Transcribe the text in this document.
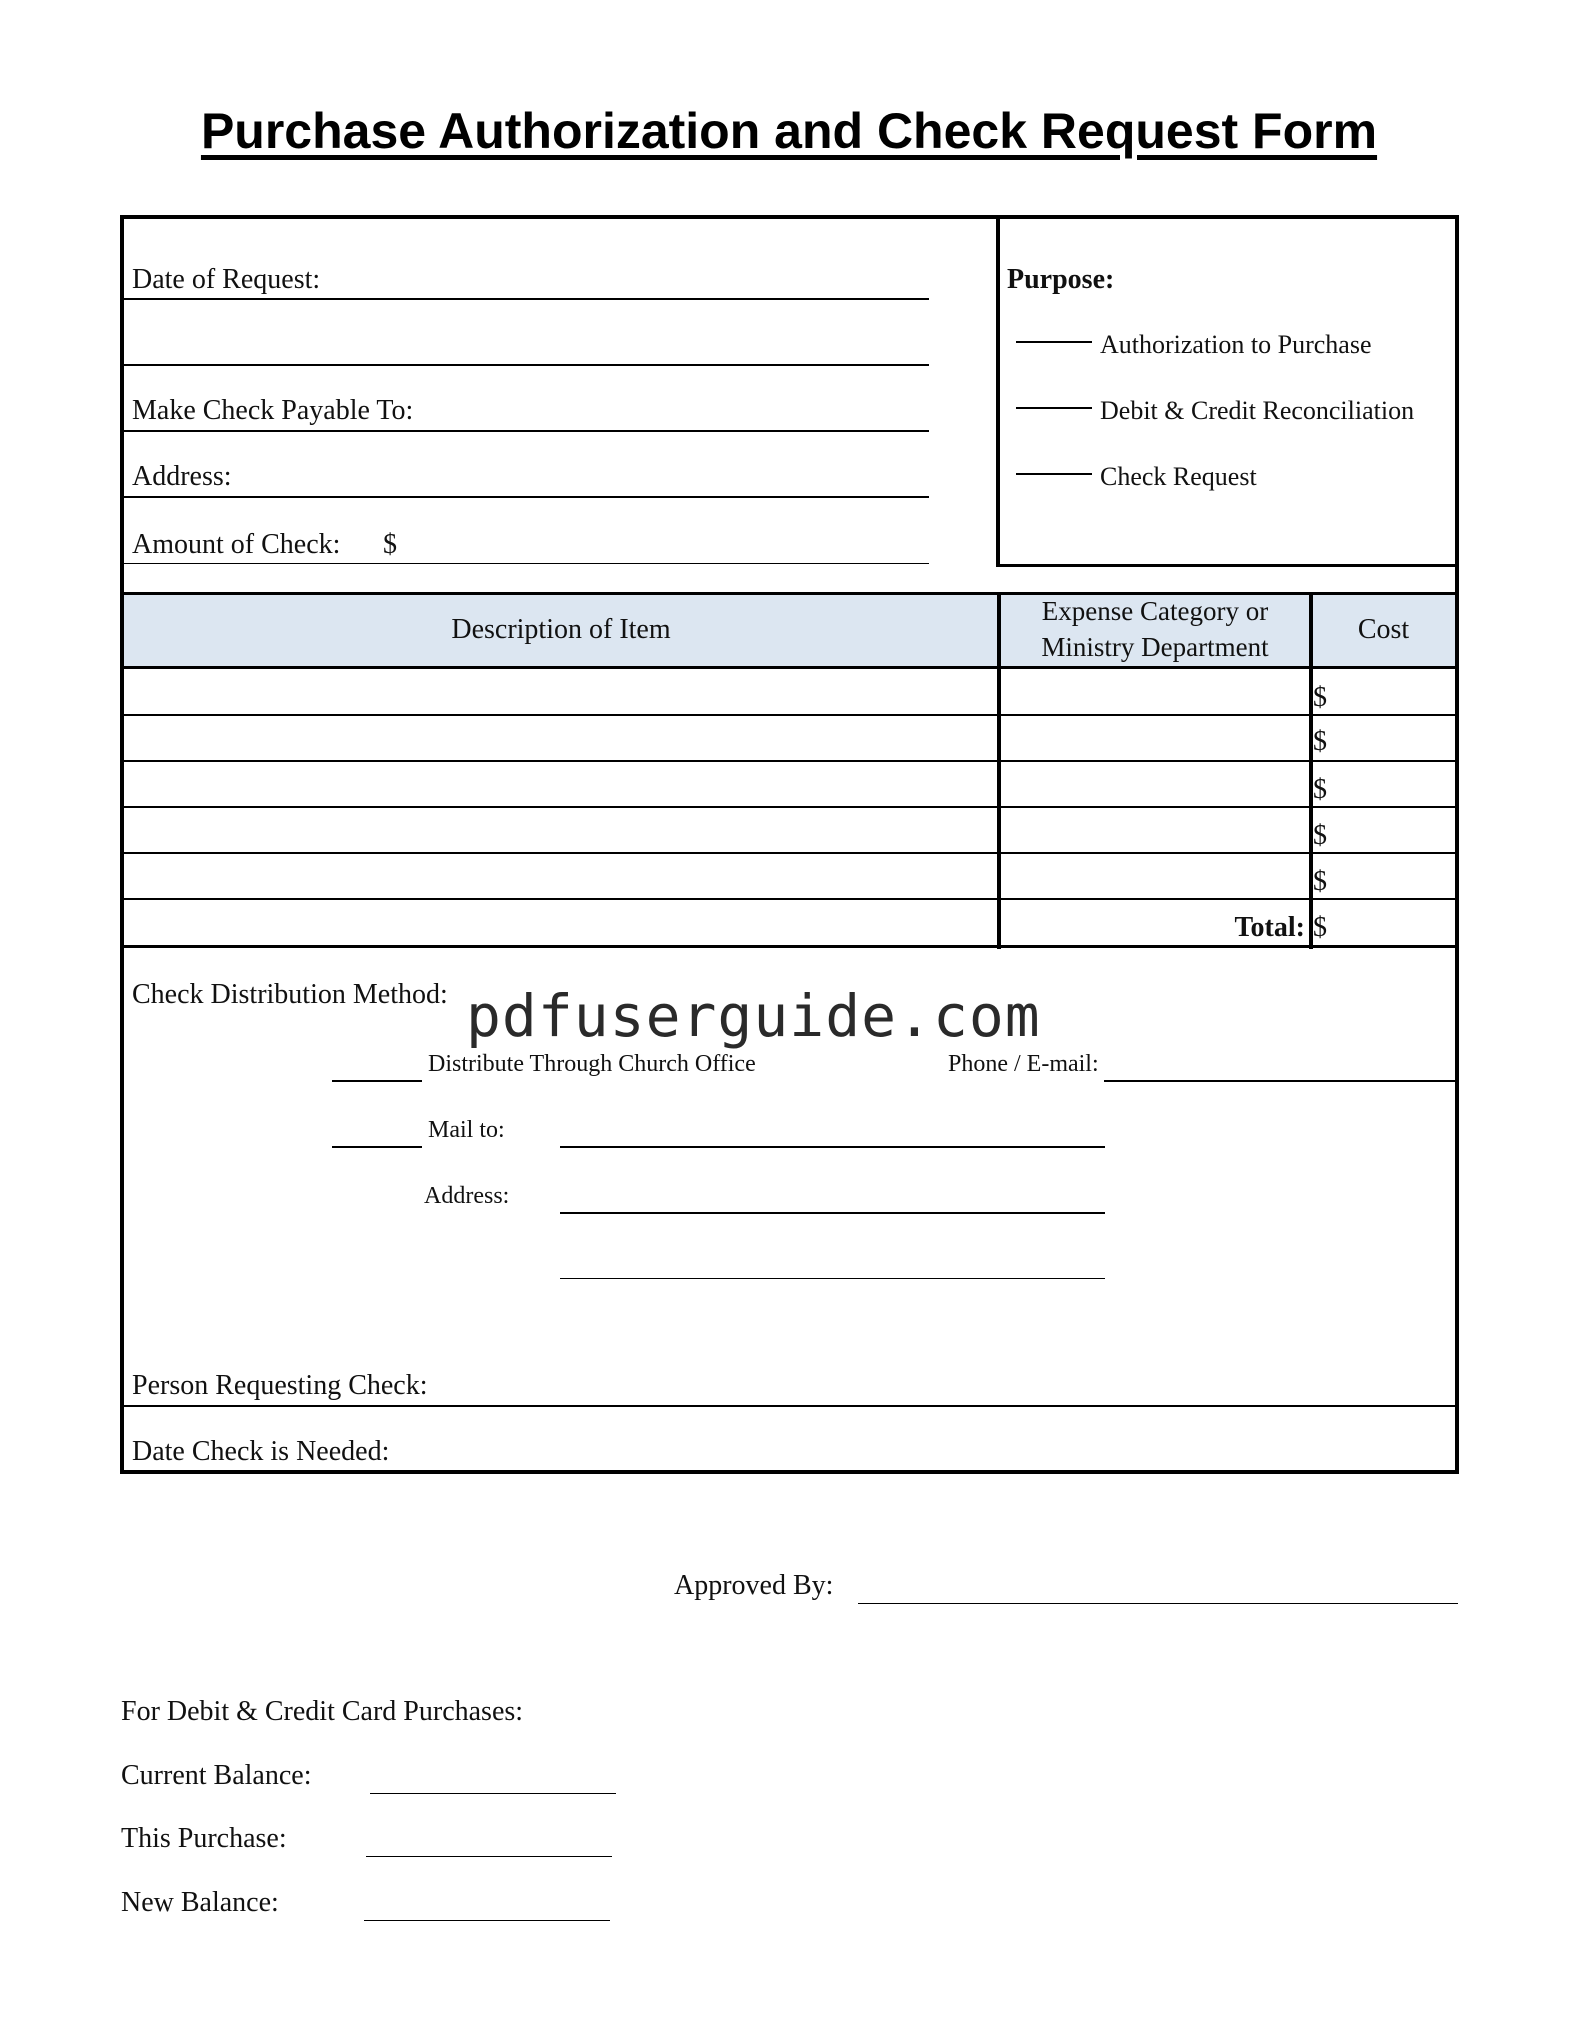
Purchase Authorization and Check Request Form
Date of Request:
Make Check Payable To:
Address:
Amount of Check: $
Purpose:
Authorization to Purchase
Debit & Credit Reconciliation
Check Request
Description of Item
Expense Category or
Ministry Department
Cost
$
$
$
$
$
Total: $
Check Distribution Method: pdfuserguide.com
Distribute Through Church Office	Phone / E-mail:
Mail to:
Address:
Person Requesting Check:
Date Check is Needed:
Approved By:
For Debit & Credit Card Purchases:
Current Balance:
This Purchase:
New Balance:
